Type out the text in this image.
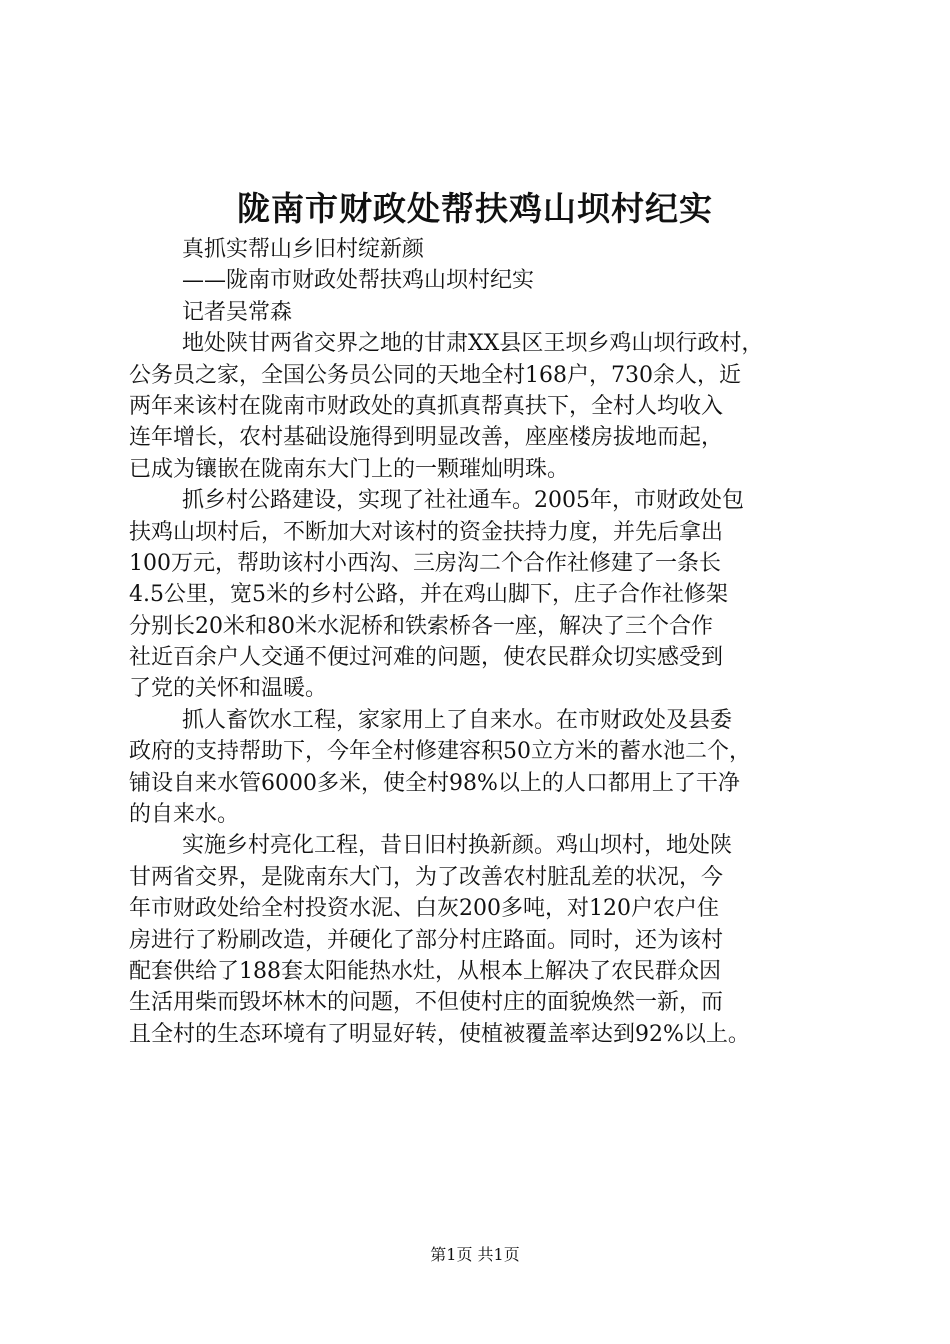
陇南市财政处帮扶鸡山坝村纪实
真抓实帮山乡旧村绽新颜
——陇南市财政处帮扶鸡山坝村纪实
记者吴常森
地处陕甘两省交界之地的甘肃XX县区王坝乡鸡山坝行政村，
公务员之家，全国公务员公同的天地全村168户，730余人，近
两年来该村在陇南市财政处的真抓真帮真扶下，全村人均收入
连年增长，农村基础设施得到明显改善，座座楼房拔地而起，
已成为镶嵌在陇南东大门上的一颗璀灿明珠。
抓乡村公路建设，实现了社社通车。2005年，市财政处包
扶鸡山坝村后，不断加大对该村的资金扶持力度，并先后拿出
100万元，帮助该村小西沟、三房沟二个合作社修建了一条长
4.5公里，宽5米的乡村公路，并在鸡山脚下，庄子合作社修架
分别长20米和80米水泥桥和铁索桥各一座，解决了三个合作
社近百余户人交通不便过河难的问题，使农民群众切实感受到
了党的关怀和温暖。
抓人畜饮水工程，家家用上了自来水。在市财政处及县委
政府的支持帮助下，今年全村修建容积50立方米的蓄水池二个，
铺设自来水管6000多米，使全村98%以上的人口都用上了干净
的自来水。
实施乡村亮化工程，昔日旧村换新颜。鸡山坝村，地处陕
甘两省交界，是陇南东大门，为了改善农村脏乱差的状况，今
年市财政处给全村投资水泥、白灰200多吨，对120户农户住
房进行了粉刷改造，并硬化了部分村庄路面。同时，还为该村
配套供给了188套太阳能热水灶，从根本上解决了农民群众因
生活用柴而毁坏林木的问题，不但使村庄的面貌焕然一新，而
且全村的生态环境有了明显好转，使植被覆盖率达到92%以上。
第1页 共1页
